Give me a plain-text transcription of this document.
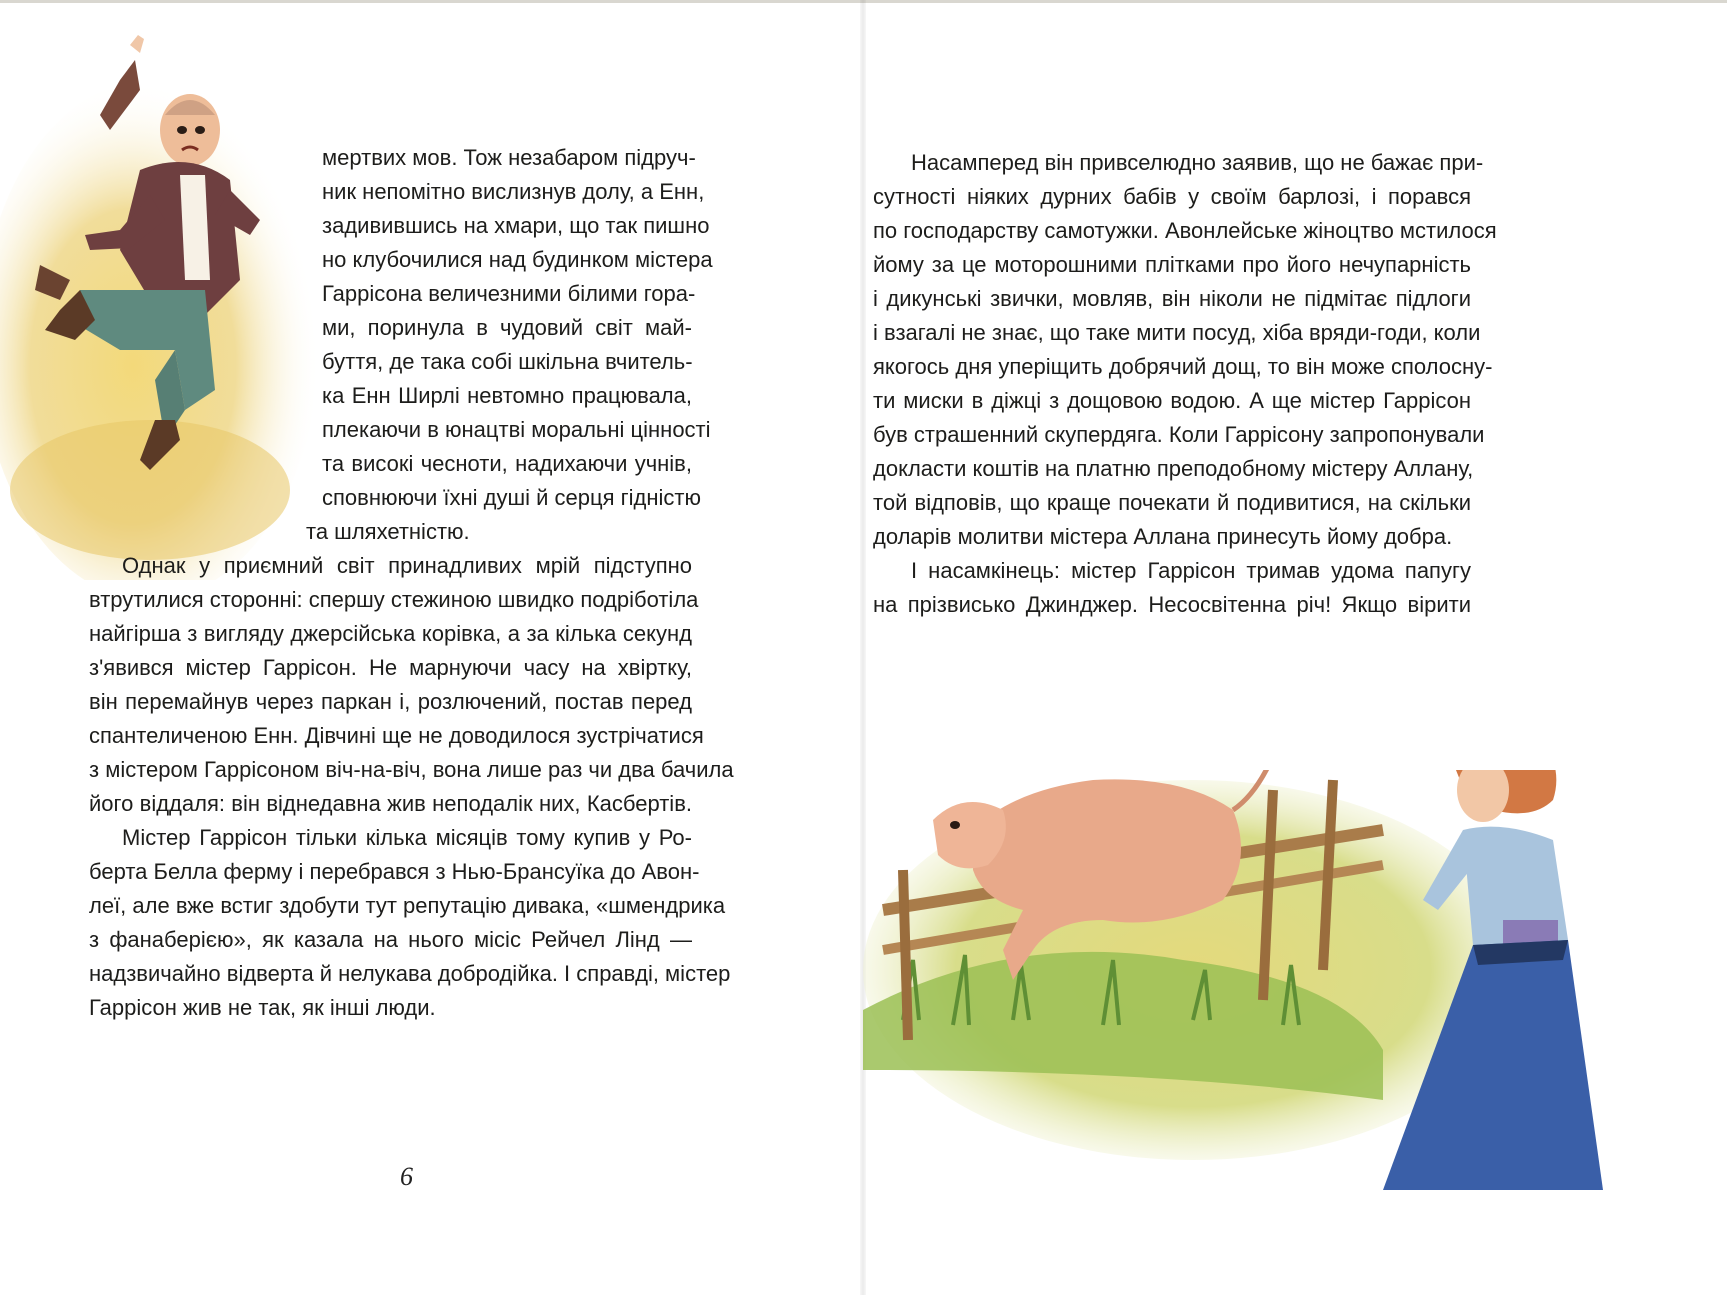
мертвих мов. Тож незабаром підруч-
ник непомітно вислизнув долу, а Енн,
задивившись на хмари, що так пишно
но клубочилися над будинком містера
Гаррісона величезними білими гора-
ми, поринула в чудовий світ май-
буття, де така собі шкільна вчитель-
ка Енн Ширлі невтомно працювала,
плекаючи в юнацтві моральні цінності
та високі чесноти, надихаючи учнів,
сповнюючи їхні душі й серця гідністю
та шляхетністю.
Однак у приємний світ принадливих мрій підступно
втрутилися сторонні: спершу стежиною швидко подріботіла
найгірша з вигляду джерсійська корівка, а за кілька секунд
з'явився містер Гаррісон. Не марнуючи часу на хвіртку,
він перемайнув через паркан і, розлючений, постав перед
спантеличеною Енн. Дівчині ще не доводилося зустрічатися
з містером Гаррісоном віч-на-віч, вона лише раз чи два бачила
його віддаля: він віднедавна жив неподалік них, Касбертів.
Містер Гаррісон тільки кілька місяців тому купив у Ро-
берта Белла ферму і перебрався з Нью-Брансуїка до Авон-
леї, але вже встиг здобути тут репутацію дивака, «шмендрика
з фанаберією», як казала на нього місіс Рейчел Лінд —
надзвичайно відверта й нелукава добродійка. І справді, містер
Гаррісон жив не так, як інші люди.
6
Насамперед він привселюдно заявив, що не бажає при-
сутності ніяких дурних бабів у своїм барлозі, і порався
по господарству самотужки. Авонлейське жіноцтво мстилося
йому за це моторошними плітками про його нечупарність
і дикунські звички, мовляв, він ніколи не підмітає підлоги
і взагалі не знає, що таке мити посуд, хіба вряди-годи, коли
якогось дня уперіщить добрячий дощ, то він може сполосну-
ти миски в діжці з дощовою водою. А ще містер Гаррісон
був страшенний скупердяга. Коли Гаррісону запропонували
докласти коштів на платню преподобному містеру Аллану,
той відповів, що краще почекати й подивитися, на скільки
доларів молитви містера Аллана принесуть йому добра.
І насамкінець: містер Гаррісон тримав удома папугу
на прізвисько Джинджер. Несосвітенна річ! Якщо вірити
